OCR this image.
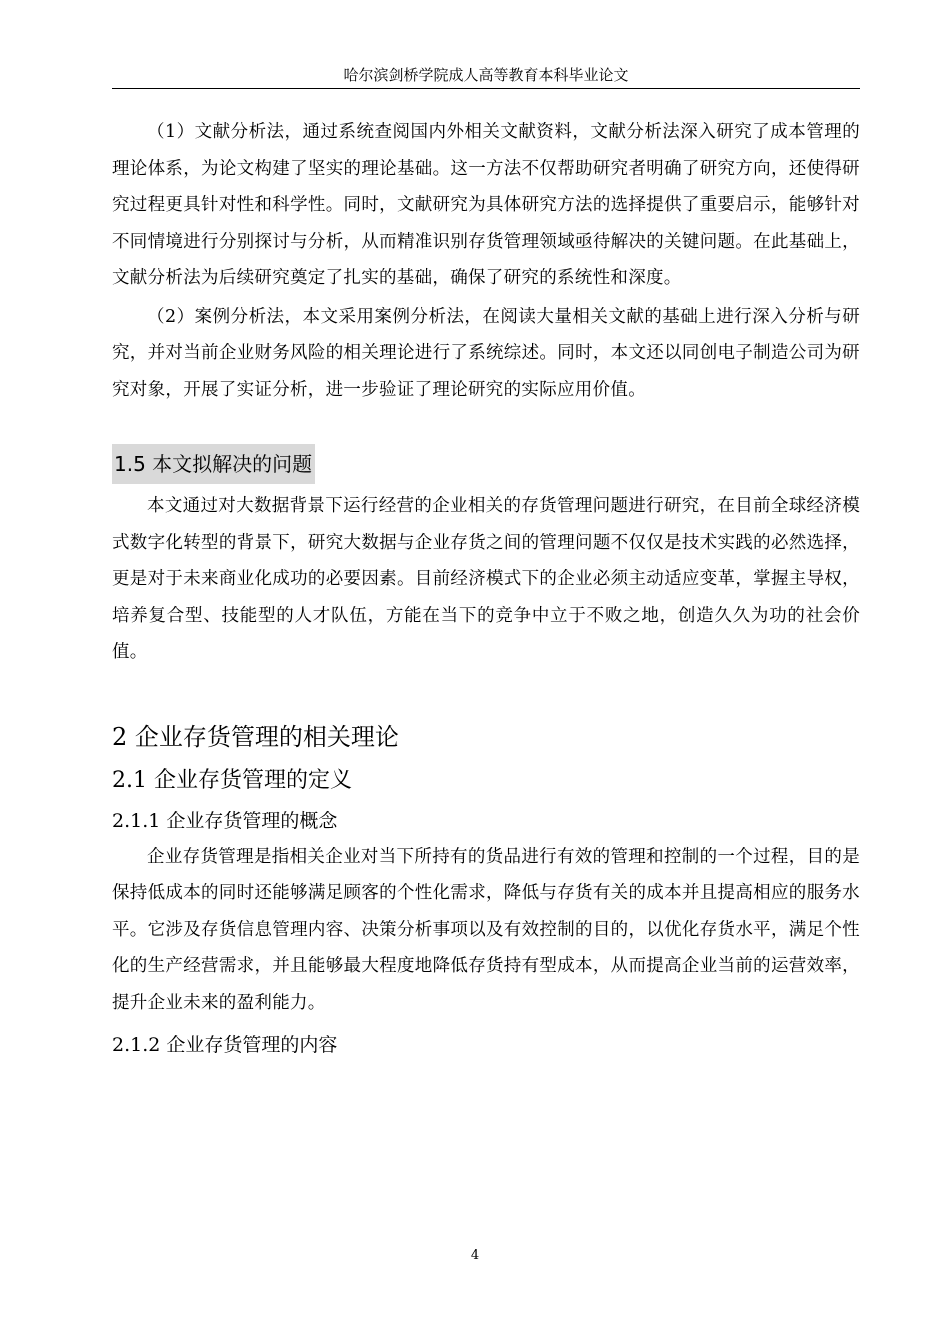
哈尔滨剑桥学院成人高等教育本科毕业论文

（1）文献分析法，通过系统查阅国内外相关文献资料，文献分析法深入研究了成本管理的理论体系，为论文构建了坚实的理论基础。这一方法不仅帮助研究者明确了研究方向，还使得研究过程更具针对性和科学性。同时，文献研究为具体研究方法的选择提供了重要启示，能够针对不同情境进行分别探讨与分析，从而精准识别存货管理领域亟待解决的关键问题。在此基础上，文献分析法为后续研究奠定了扎实的基础，确保了研究的系统性和深度。

（2）案例分析法，本文采用案例分析法，在阅读大量相关文献的基础上进行深入分析与研究，并对当前企业财务风险的相关理论进行了系统综述。同时，本文还以同创电子制造公司为研究对象，开展了实证分析，进一步验证了理论研究的实际应用价值。

1.5 本文拟解决的问题

本文通过对大数据背景下运行经营的企业相关的存货管理问题进行研究，在目前全球经济模式数字化转型的背景下，研究大数据与企业存货之间的管理问题不仅仅是技术实践的必然选择，更是对于未来商业化成功的必要因素。目前经济模式下的企业必须主动适应变革，掌握主导权，培养复合型、技能型的人才队伍，方能在当下的竞争中立于不败之地，创造久久为功的社会价值。

2 企业存货管理的相关理论
2.1 企业存货管理的定义
2.1.1 企业存货管理的概念

企业存货管理是指相关企业对当下所持有的货品进行有效的管理和控制的一个过程，目的是保持低成本的同时还能够满足顾客的个性化需求，降低与存货有关的成本并且提高相应的服务水平。它涉及存货信息管理内容、决策分析事项以及有效控制的目的，以优化存货水平，满足个性化的生产经营需求，并且能够最大程度地降低存货持有型成本，从而提高企业当前的运营效率，提升企业未来的盈利能力。

2.1.2 企业存货管理的内容
4
